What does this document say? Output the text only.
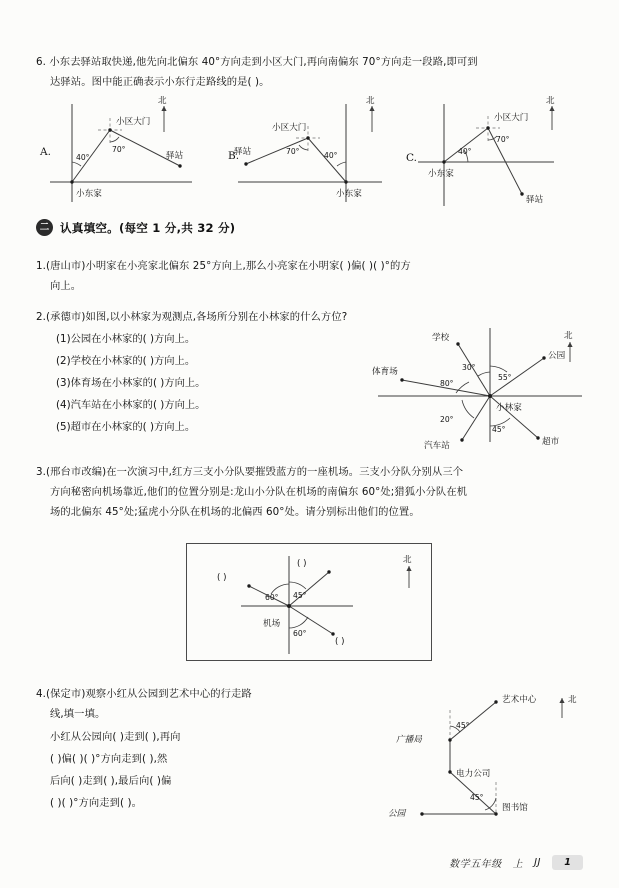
6. 小东去驿站取快递,他先向北偏东 40°方向走到小区大门,再向南偏东 70°方向走一段路,即可到
达驿站。图中能正确表示小东行走路线的是( )。
北
40°
70°
小区大门
驿站
小东家
A.
北
40°
70°
小区大门
驿站
小东家
B.
北
40°
70°
小区大门
驿站
小东家
C.
二 认真填空。(每空 1 分,共 32 分)
1.(唐山市)小明家在小亮家北偏东 25°方向上,那么小亮家在小明家( )偏( )( )°的方
向上。
2.(承德市)如图,以小林家为观测点,各场所分别在小林家的什么方位?
(1)公园在小林家的( )方向上。
(2)学校在小林家的( )方向上。
(3)体育场在小林家的( )方向上。
(4)汽车站在小林家的( )方向上。
(5)超市在小林家的( )方向上。
北
学校
公园
体育场
汽车站	超市
小林家
30°
55°
80°
20°
45°
3.(邢台市改编)在一次演习中,红方三支小分队要摧毁蓝方的一座机场。三支小分队分别从三个
方向秘密向机场靠近,他们的位置分别是:龙山小分队在机场的南偏东 60°处;猎狐小分队在机
场的北偏东 45°处;猛虎小分队在机场的北偏西 60°处。请分别标出他们的位置。
北
机场
60° 45°
60°
( )
( )
( )
4.(保定市)观察小红从公园到艺术中心的行走路
线,填一填。
小红从公园向( )走到( ),再向
( )偏( )( )°方向走到( ),然
后向( )走到( ),最后向( )偏
( )( )°方向走到( )。
北
艺术中心
电力公司
广播局
公园
图书馆
45°
45°
数学五年级 上 JJ	1
